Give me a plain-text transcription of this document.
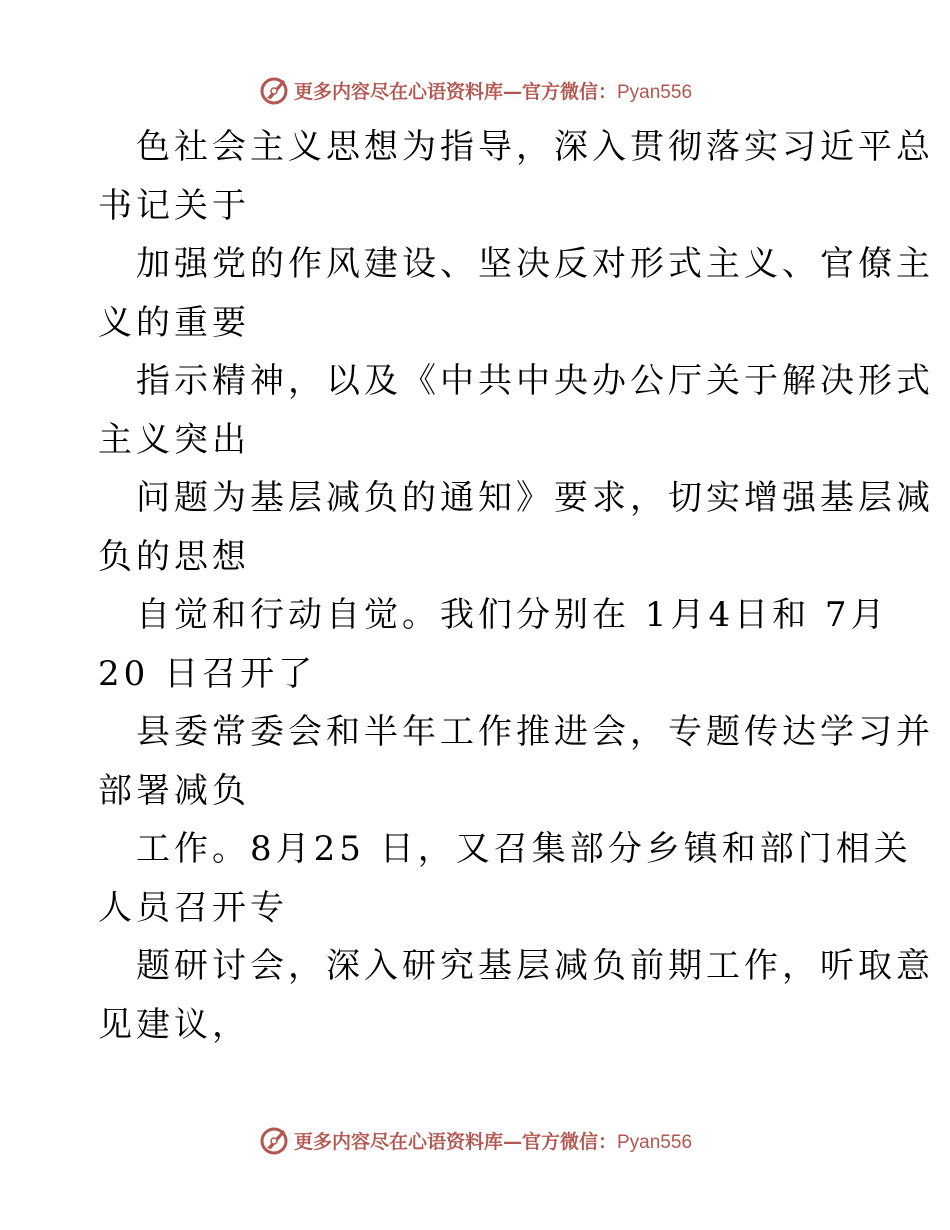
更多内容尽在心语资料库—官方微信：Pyan556
色社会主义思想为指导，深入贯彻落实习近平总
书记关于
加强党的作风建设、坚决反对形式主义、官僚主
义的重要
指示精神，以及《中共中央办公厅关于解决形式
主义突出
问题为基层减负的通知》要求，切实增强基层减
负的思想
自觉和行动自觉。我们分别在 1月4日和 7月
20 日召开了
县委常委会和半年工作推进会，专题传达学习并
部署减负
工作。8月25 日，又召集部分乡镇和部门相关
人员召开专
题研讨会，深入研究基层减负前期工作，听取意
见建议，
更多内容尽在心语资料库—官方微信：Pyan556
